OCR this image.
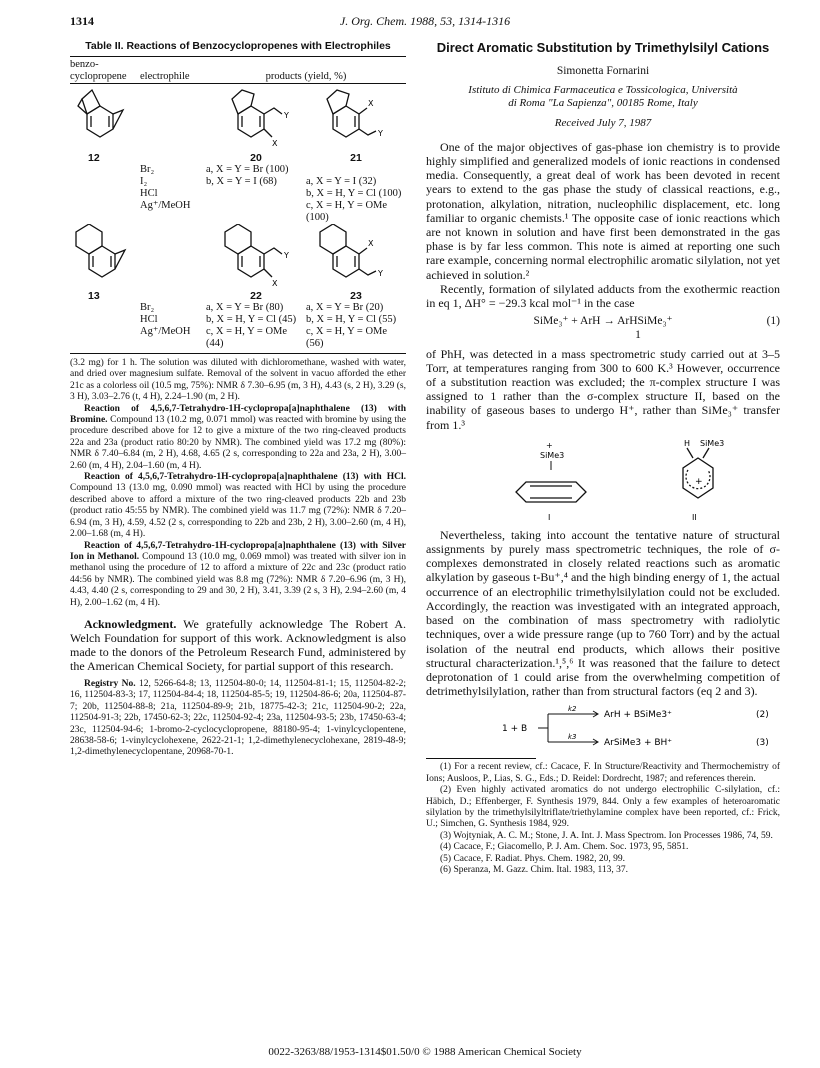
1314	J. Org. Chem. 1988, 53, 1314-1316
Table II. Reactions of Benzocyclopropenes with Electrophiles
benzo-
cyclopropene	electrophile	products (yield, %)	

Y
X	X
Y

12		20	21
	Br₂	a, X = Y = Br (100)	
	I₂	b, X = Y = I (68)	a, X = Y = I (32)
	HCl		b, X = H, Y = Cl (100)
	Ag⁺/MeOH		c, X = H, Y = OMe (100)

Y
X	X
Y

13		22	23
	Br₂	a, X = Y = Br (80)	a, X = Y = Br (20)
	HCl	b, X = H, Y = Cl (45)	b, X = H, Y = Cl (55)
	Ag⁺/MeOH	c, X = H, Y = OMe (44)	c, X = H, Y = OMe (56)

(3.2 mg) for 1 h. The solution was diluted with dichloromethane, washed with water, and dried over magnesium sulfate. Removal of the solvent in vacuo afforded the ether 21c as a colorless oil (10.5 mg, 75%): NMR δ 7.30–6.95 (m, 3 H), 4.43 (s, 2 H), 3.29 (s, 3 H), 3.03–2.76 (t, 4 H), 2.24–1.90 (m, 2 H).

Reaction of 4,5,6,7-Tetrahydro-1H-cyclopropa[a]naphthalene (13) with Bromine. Compound 13 (10.2 mg, 0.071 mmol) was reacted with bromine by using the procedure described above for 12 to give a mixture of the two ring-cleaved products 22a and 23a (product ratio 80:20 by NMR). The combined yield was 17.2 mg (80%): NMR δ 7.40–6.84 (m, 2 H), 4.68, 4.65 (2 s, corresponding to 22a and 23a, 2 H), 3.00–2.60 (m, 4 H), 2.04–1.60 (m, 4 H).

Reaction of 4,5,6,7-Tetrahydro-1H-cyclopropa[a]naphthalene (13) with HCl. Compound 13 (13.0 mg, 0.090 mmol) was reacted with HCl by using the procedure described above to afford a mixture of the two ring-cleaved products 22b and 23b (product ratio 45:55 by NMR). The combined yield was 11.7 mg (72%): NMR δ 7.20–6.94 (m, 3 H), 4.59, 4.52 (2 s, corresponding to 22b and 23b, 2 H), 3.00–2.60 (m, 4 H), 2.00–1.68 (m, 4 H).

Reaction of 4,5,6,7-Tetrahydro-1H-cyclopropa[a]naphthalene (13) with Silver Ion in Methanol. Compound 13 (10.0 mg, 0.069 mmol) was treated with silver ion in methanol using the procedure of 12 to afford a mixture of 22c and 23c (product ratio 44:56 by NMR). The combined yield was 8.8 mg (72%): NMR δ 7.20–6.96 (m, 3 H), 4.43, 4.40 (2 s, corresponding to 29 and 30, 2 H), 3.41, 3.39 (2 s, 3 H), 2.94–2.60 (m, 4 H), 2.00–1.62 (m, 4 H).

Acknowledgment. We gratefully acknowledge The Robert A. Welch Foundation for support of this work. Acknowledgment is also made to the donors of the Petroleum Research Fund, administered by the American Chemical Society, for partial support of this research.

Registry No. 12, 5266-64-8; 13, 112504-80-0; 14, 112504-81-1; 15, 112504-82-2; 16, 112504-83-3; 17, 112504-84-4; 18, 112504-85-5; 19, 112504-86-6; 20a, 112504-87-7; 20b, 112504-88-8; 21a, 112504-89-9; 21b, 18775-42-3; 21c, 112504-90-2; 22a, 112504-91-3; 22b, 17450-62-3; 22c, 112504-92-4; 23a, 112504-93-5; 23b, 17450-63-4; 23c, 112504-94-6; 1-bromo-2-cyclocyclopropene, 88180-95-4; 1-vinylcyclopentene, 28638-58-6; 1-vinylcyclohexene, 2622-21-1; 1,2-dimethylenecyclohexane, 2819-48-9; 1,2-dimethylenecyclopentane, 20968-70-1.

Direct Aromatic Substitution by Trimethylsilyl Cations
Simonetta Fornarini
Istituto di Chimica Farmaceutica e Tossicologica, Università
di Roma "La Sapienza", 00185 Rome, Italy
Received July 7, 1987

One of the major objectives of gas-phase ion chemistry is to provide highly simplified and generalized models of ionic reactions in condensed media. Consequently, a great deal of work has been devoted in recent years to extend to the gas phase the study of classical reactions, e.g., protonation, alkylation, nitration, nucleophilic displacement, etc. long familiar to organic chemists.¹ The opposite case of ionic reactions which are not known in solution and have first been demonstrated in the gas phase is by far less common. This note is aimed at reporting one such rare example, concerning normal electrophilic aromatic silylation, not yet achieved in solution.²

Recently, formation of silylated adducts from the exothermic reaction in eq 1, ΔH° = −29.3 kcal mol⁻¹ in the case

SiMe₃⁺ + ArH → ArHSiMe₃⁺
1
(1)

of PhH, was detected in a mass spectrometric study carried out at 3–5 Torr, at temperatures ranging from 300 to 600 K.³ However, occurrence of a substitution reaction was excluded; the π-complex structure I was assigned to 1 rather than the σ-complex structure II, based on the inability of gaseous bases to undergo H⁺, rather than SiMe₃⁺ transfer from 1.³

+
SiMe3
I
H SiMe3
+
II

Nevertheless, taking into account the tentative nature of structural assignments by purely mass spectrometric techniques, the role of σ-complexes demonstrated in closely related reactions such as aromatic alkylation by gaseous t-Bu⁺,⁴ and the high binding energy of 1, the actual occurrence of an electrophilic trimethylsilylation could not be excluded. Accordingly, the reaction was investigated with an integrated approach, based on the combination of mass spectrometry with radiolytic techniques, over a wide pressure range (up to 760 Torr) and by the actual isolation of the neutral end products, which allows their positive structural characterization.¹,⁵,⁶ It was reasoned that the failure to detect deprotonation of 1 could arise from the overwhelming competition of detrimethylsilylation, rather than from structural factors (eq 2 and 3).

1 + B
k2
k3
ArH + BSiMe3⁺
ArSiMe3 + BH⁺
(2)
(3)

(1) For a recent review, cf.: Cacace, F. In Structure/Reactivity and Thermochemistry of Ions; Ausloos, P., Lias, S. G., Eds.; D. Reidel: Dordrecht, 1987; and references therein.

(2) Even highly activated aromatics do not undergo electrophilic C-silylation, cf.: Häbich, D.; Effenberger, F. Synthesis 1979, 844. Only a few examples of heteroaromatic silylation by the trimethylsilyltriflate/triethylamine complex have been reported, cf.: Frick, U.; Simchen, G. Synthesis 1984, 929.

(3) Wojtyniak, A. C. M.; Stone, J. A. Int. J. Mass Spectrom. Ion Processes 1986, 74, 59.

(4) Cacace, F.; Giacomello, P. J. Am. Chem. Soc. 1973, 95, 5851.

(5) Cacace, F. Radiat. Phys. Chem. 1982, 20, 99.

(6) Speranza, M. Gazz. Chim. Ital. 1983, 113, 37.

0022-3263/88/1953-1314$01.50/0 © 1988 American Chemical Society
